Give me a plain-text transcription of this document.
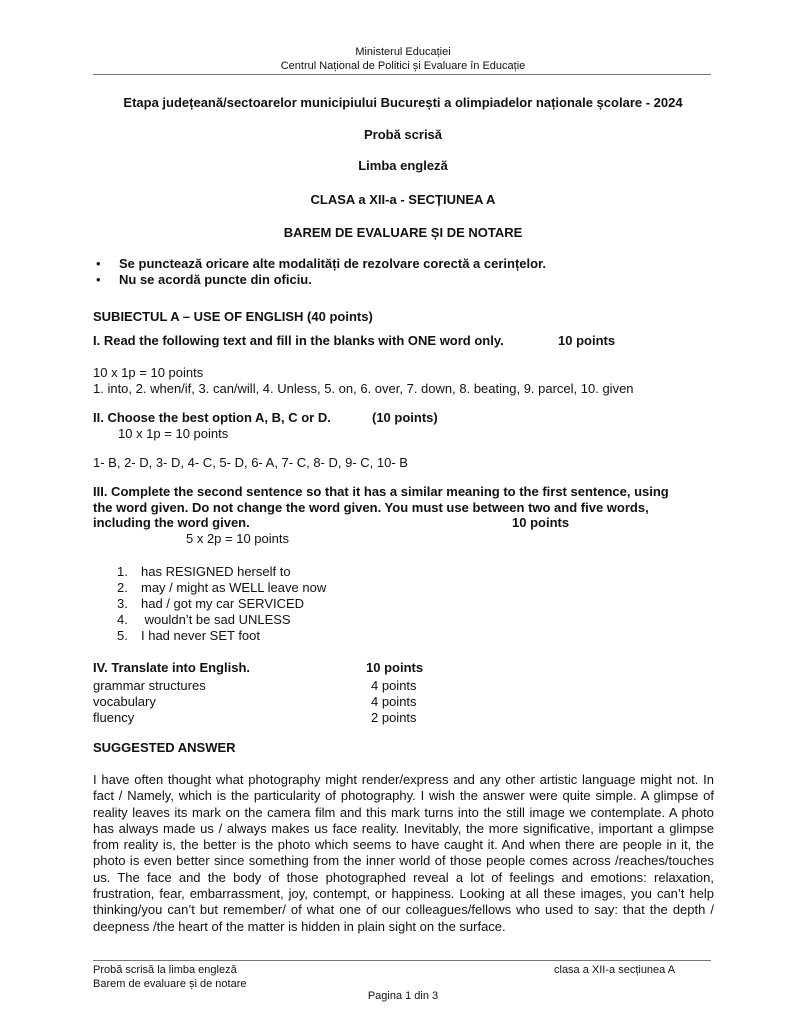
Ministerul Educației
Centrul Național de Politici și Evaluare în Educație
Etapa județeană/sectoarelor municipiului București a olimpiadelor naționale școlare - 2024
Probă scrisă
Limba engleză
CLASA a XII-a - SECȚIUNEA A
BAREM DE EVALUARE ȘI DE NOTARE
• Se punctează oricare alte modalități de rezolvare corectă a cerințelor.
• Nu se acordă puncte din oficiu.
SUBIECTUL A – USE OF ENGLISH (40 points)
I. Read the following text and fill in the blanks with ONE word only.	10 points
10 x 1p = 10 points
1. into, 2. when/if, 3. can/will, 4. Unless, 5. on, 6. over, 7. down, 8. beating, 9. parcel, 10. given
II. Choose the best option A, B, C or D.	(10 points)
10 x 1p = 10 points
1- B, 2- D, 3- D, 4- C, 5- D, 6- A, 7- C, 8- D, 9- C, 10- B
III. Complete the second sentence so that it has a similar meaning to the first sentence, using
the word given. Do not change the word given. You must use between two and five words,
including the word given.	10 points
5 x 2p = 10 points
1.	has RESIGNED herself to
2.	may / might as WELL leave now
3.	had / got my car SERVICED
4.	wouldn’t be sad UNLESS
5.	I had never SET foot
IV. Translate into English.	10 points
grammar structures	4 points
vocabulary	4 points
fluency	2 points
SUGGESTED ANSWER
I have often thought what photography might render/express and any other artistic language might not. In fact / Namely, which is the particularity of photography. I wish the answer were quite simple. A glimpse of reality leaves its mark on the camera film and this mark turns into the still image we contemplate. A photo has always made us / always makes us face reality. Inevitably, the more significative, important a glimpse from reality is, the better is the photo which seems to have caught it. And when there are people in it, the photo is even better since something from the inner world of those people comes across /reaches/touches us. The face and the body of those photographed reveal a lot of feelings and emotions: relaxation, frustration, fear, embarrassment, joy, contempt, or happiness. Looking at all these images, you can’t help thinking/you can’t but remember/ of what one of our colleagues/fellows who used to say: that the depth / deepness /the heart of the matter is hidden in plain sight on the surface.
Probă scrisă la limba engleză
Barem de evaluare și de notare
clasa a XII-a secțiunea A
Pagina 1 din 3
